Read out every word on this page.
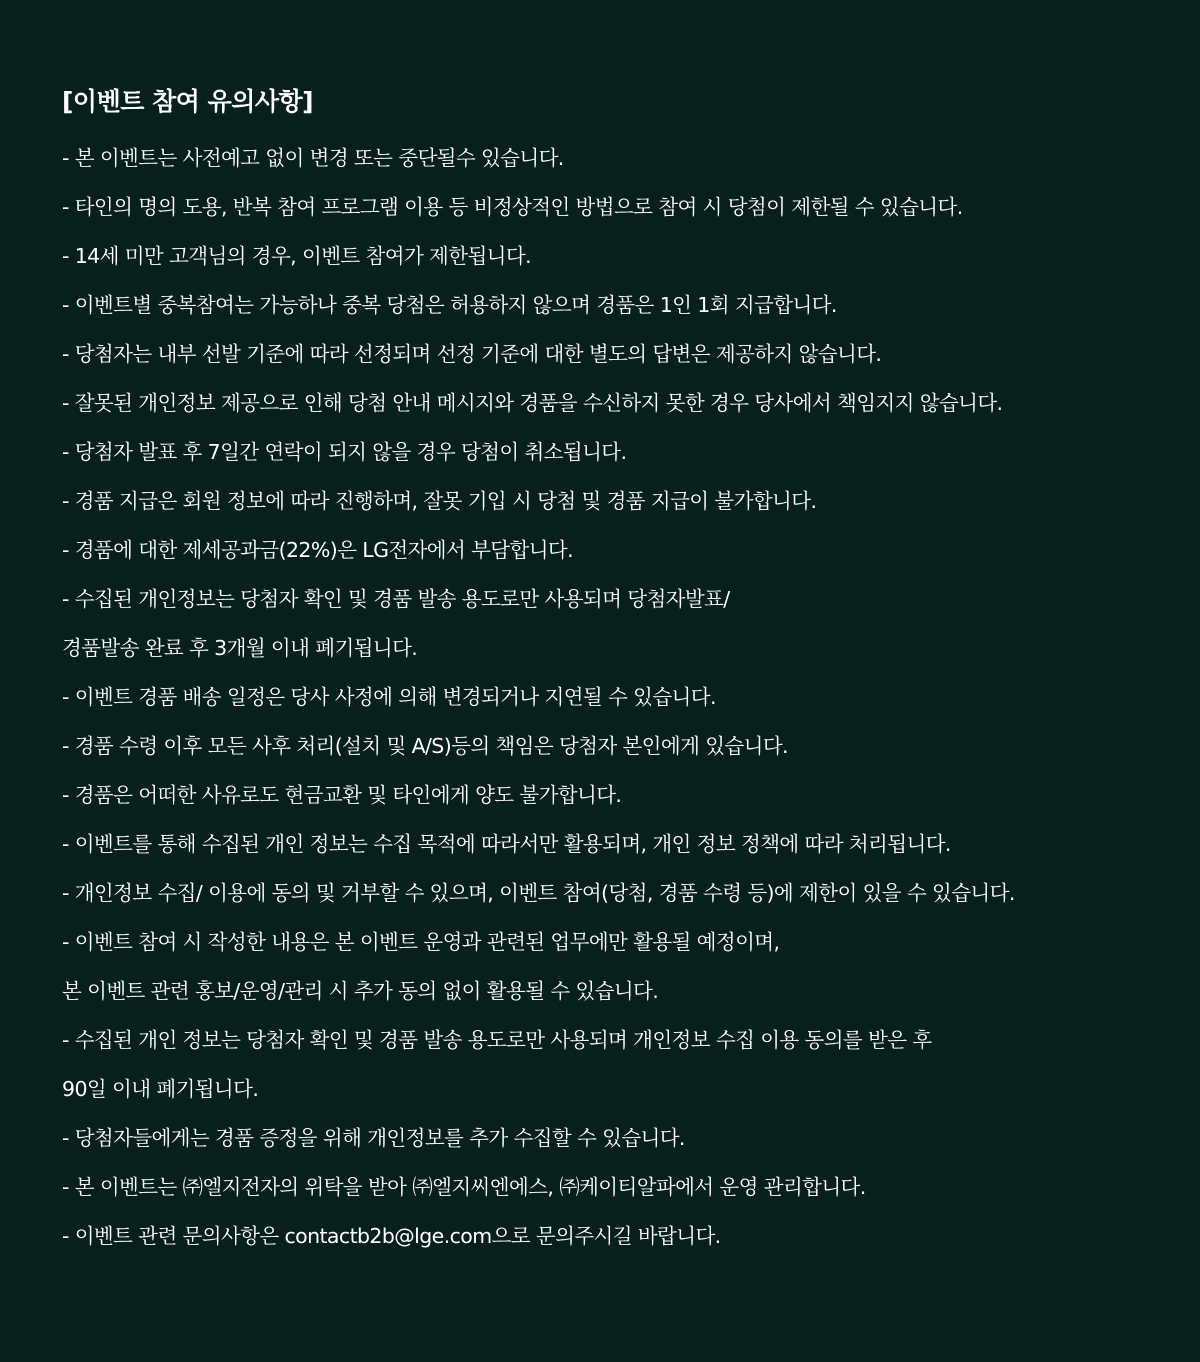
[이벤트 참여 유의사항]
- 본 이벤트는 사전예고 없이 변경 또는 중단될수 있습니다.
- 타인의 명의 도용, 반복 참여 프로그램 이용 등 비정상적인 방법으로 참여 시 당첨이 제한될 수 있습니다.
- 14세 미만 고객님의 경우, 이벤트 참여가 제한됩니다.
- 이벤트별 중복참여는 가능하나 중복 당첨은 허용하지 않으며 경품은 1인 1회 지급합니다.
- 당첨자는 내부 선발 기준에 따라 선정되며 선정 기준에 대한 별도의 답변은 제공하지 않습니다.
- 잘못된 개인정보 제공으로 인해 당첨 안내 메시지와 경품을 수신하지 못한 경우 당사에서 책임지지 않습니다.
- 당첨자 발표 후 7일간 연락이 되지 않을 경우 당첨이 취소됩니다.
- 경품 지급은 회원 정보에 따라 진행하며, 잘못 기입 시 당첨 및 경품 지급이 불가합니다.
- 경품에 대한 제세공과금(22%)은 LG전자에서 부담합니다.
- 수집된 개인정보는 당첨자 확인 및 경품 발송 용도로만 사용되며 당첨자발표/
경품발송 완료 후 3개월 이내 폐기됩니다.
- 이벤트 경품 배송 일정은 당사 사정에 의해 변경되거나 지연될 수 있습니다.
- 경품 수령 이후 모든 사후 처리(설치 및 A/S)등의 책임은 당첨자 본인에게 있습니다.
- 경품은 어떠한 사유로도 현금교환 및 타인에게 양도 불가합니다.
- 이벤트를 통해 수집된 개인 정보는 수집 목적에 따라서만 활용되며, 개인 정보 정책에 따라 처리됩니다.
- 개인정보 수집/ 이용에 동의 및 거부할 수 있으며, 이벤트 참여(당첨, 경품 수령 등)에 제한이 있을 수 있습니다.
- 이벤트 참여 시 작성한 내용은 본 이벤트 운영과 관련된 업무에만 활용될 예정이며,
본 이벤트 관련 홍보/운영/관리 시 추가 동의 없이 활용될 수 있습니다.
- 수집된 개인 정보는 당첨자 확인 및 경품 발송 용도로만 사용되며 개인정보 수집 이용 동의를 받은 후
90일 이내 폐기됩니다.
- 당첨자들에게는 경품 증정을 위해 개인정보를 추가 수집할 수 있습니다.
- 본 이벤트는 ㈜엘지전자의 위탁을 받아 ㈜엘지씨엔에스, ㈜케이티알파에서 운영 관리합니다.
- 이벤트 관련 문의사항은 contactb2b@lge.com으로 문의주시길 바랍니다.
